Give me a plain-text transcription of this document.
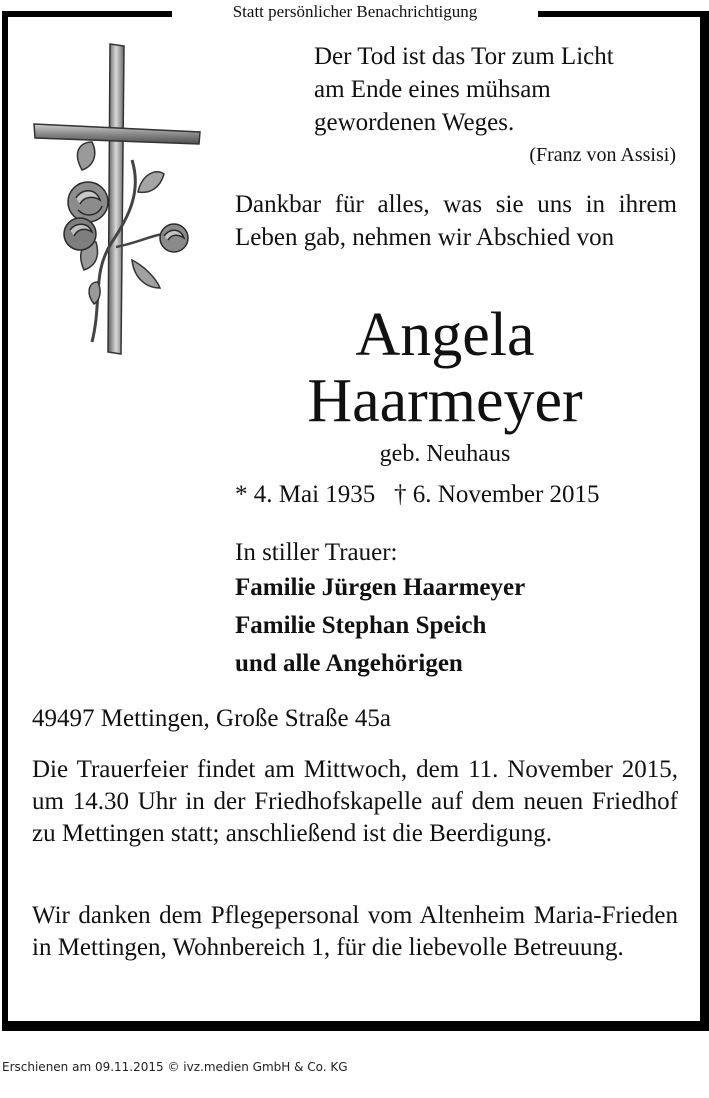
Statt persönlicher Benachrichtigung
Der Tod ist das Tor zum Licht
am Ende eines mühsam
gewordenen Weges.
(Franz von Assisi)
Dankbar für alles, was sie uns in ihrem Leben gab, nehmen wir Abschied von
Angela
Haarmeyer
geb. Neuhaus
* 4. Mai 1935   † 6. November 2015
In stiller Trauer:
Familie Jürgen Haarmeyer
Familie Stephan Speich
und alle Angehörigen
49497 Mettingen, Große Straße 45a
Die Trauerfeier findet am Mittwoch, dem 11. November 2015, um 14.30 Uhr in der Friedhofskapelle auf dem neuen Friedhof zu Mettingen statt; anschließend ist die Beerdigung.
Wir danken dem Pflegepersonal vom Altenheim Maria-Frieden in Mettingen, Wohnbereich 1, für die liebevolle Betreuung.
Erschienen am 09.11.2015 © ivz.medien GmbH & Co. KG
